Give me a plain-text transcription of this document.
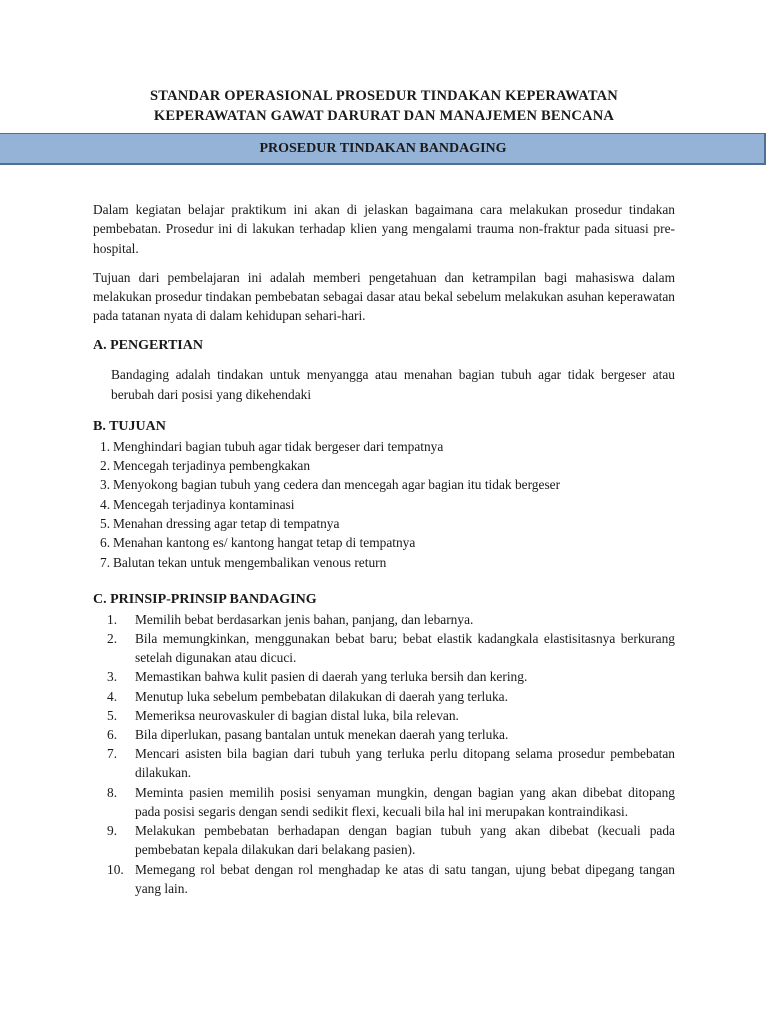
STANDAR OPERASIONAL PROSEDUR TINDAKAN KEPERAWATAN
KEPERAWATAN GAWAT DARURAT DAN MANAJEMEN BENCANA
PROSEDUR TINDAKAN BANDAGING

Dalam kegiatan belajar praktikum ini akan di jelaskan bagaimana cara melakukan prosedur tindakan pembebatan. Prosedur ini di lakukan terhadap klien yang mengalami trauma non-fraktur pada situasi pre-hospital.

Tujuan dari pembelajaran ini adalah memberi pengetahuan dan ketrampilan bagi mahasiswa dalam melakukan prosedur tindakan pembebatan sebagai dasar atau bekal sebelum melakukan asuhan keperawatan pada tatanan nyata di dalam kehidupan sehari-hari.

A. PENGERTIAN

Bandaging adalah tindakan untuk menyangga atau menahan bagian tubuh agar tidak bergeser atau berubah dari posisi yang dikehendaki

B. TUJUAN
1. Menghindari bagian tubuh agar tidak bergeser dari tempatnya
2. Mencegah terjadinya pembengkakan
3. Menyokong bagian tubuh yang cedera dan mencegah agar bagian itu tidak bergeser
4. Mencegah terjadinya kontaminasi
5. Menahan dressing agar tetap di tempatnya
6. Menahan kantong es/ kantong hangat tetap di tempatnya
7. Balutan tekan untuk mengembalikan venous return
C. PRINSIP-PRINSIP BANDAGING
1.	Memilih bebat berdasarkan jenis bahan, panjang, dan lebarnya.
2.	Bila memungkinkan, menggunakan bebat baru; bebat elastik kadangkala elastisitasnya berkurang setelah digunakan atau dicuci.
3.	Memastikan bahwa kulit pasien di daerah yang terluka bersih dan kering.
4.	Menutup luka sebelum pembebatan dilakukan di daerah yang terluka.
5.	Memeriksa neurovaskuler di bagian distal luka, bila relevan.
6.	Bila diperlukan, pasang bantalan untuk menekan daerah yang terluka.
7.	Mencari asisten bila bagian dari tubuh yang terluka perlu ditopang selama prosedur pembebatan dilakukan.
8.	Meminta pasien memilih posisi senyaman mungkin, dengan bagian yang akan dibebat ditopang pada posisi segaris dengan sendi sedikit flexi, kecuali bila hal ini merupakan kontraindikasi.
9.	Melakukan pembebatan berhadapan dengan bagian tubuh yang akan dibebat (kecuali pada pembebatan kepala dilakukan dari belakang pasien).
10. Memegang rol bebat dengan rol menghadap ke atas di satu tangan, ujung bebat dipegang tangan yang lain.
